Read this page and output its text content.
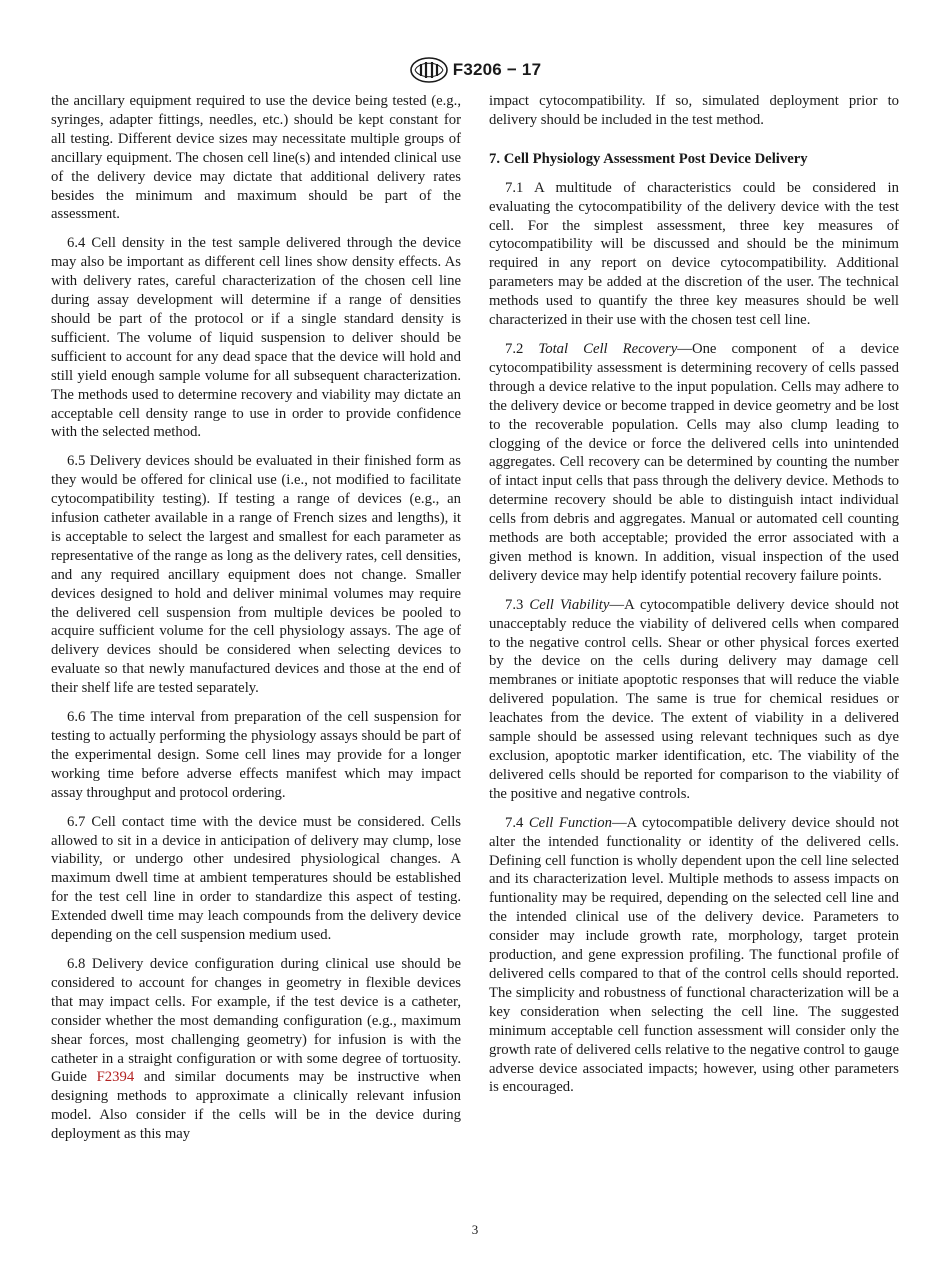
F3206 − 17

the ancillary equipment required to use the device being tested (e.g., syringes, adapter fittings, needles, etc.) should be kept constant for all testing. Different device sizes may necessitate multiple groups of ancillary equipment. The chosen cell line(s) and intended clinical use of the delivery device may dictate that additional delivery rates besides the minimum and maximum should be part of the assessment.

6.4 Cell density in the test sample delivered through the device may also be important as different cell lines show density effects. As with delivery rates, careful characterization of the chosen cell line during assay development will determine if a range of densities should be part of the protocol or if a single standard density is sufficient. The volume of liquid suspension to deliver should be sufficient to account for any dead space that the device will hold and still yield enough sample volume for all subsequent characterization. The methods used to determine recovery and viability may dictate an acceptable cell density range to use in order to provide confidence with the selected method.

6.5 Delivery devices should be evaluated in their finished form as they would be offered for clinical use (i.e., not modified to facilitate cytocompatibility testing). If testing a range of devices (e.g., an infusion catheter available in a range of French sizes and lengths), it is acceptable to select the largest and smallest for each parameter as representative of the range as long as the delivery rates, cell densities, and any required ancillary equipment does not change. Smaller devices designed to hold and deliver minimal volumes may require the delivered cell suspension from multiple devices be pooled to acquire sufficient volume for the cell physiology assays. The age of delivery devices should be considered when selecting devices to evaluate so that newly manufactured devices and those at the end of their shelf life are tested separately.

6.6 The time interval from preparation of the cell suspension for testing to actually performing the physiology assays should be part of the experimental design. Some cell lines may provide for a longer working time before adverse effects manifest which may impact assay throughput and protocol ordering.

6.7 Cell contact time with the device must be considered. Cells allowed to sit in a device in anticipation of delivery may clump, lose viability, or undergo other undesired physiological changes. A maximum dwell time at ambient temperatures should be established for the test cell line in order to standardize this aspect of testing. Extended dwell time may leach compounds from the delivery device depending on the cell suspension medium used.

6.8 Delivery device configuration during clinical use should be considered to account for changes in geometry in flexible devices that may impact cells. For example, if the test device is a catheter, consider whether the most demanding configuration (e.g., maximum shear forces, most challenging geometry) for infusion is with the catheter in a straight configuration or with some degree of tortuosity. Guide F2394 and similar documents may be instructive when designing methods to approximate a clinically relevant infusion model. Also consider if the cells will be in the device during deployment as this may

impact cytocompatibility. If so, simulated deployment prior to delivery should be included in the test method.

7. Cell Physiology Assessment Post Device Delivery

7.1 A multitude of characteristics could be considered in evaluating the cytocompatibility of the delivery device with the test cell. For the simplest assessment, three key measures of cytocompatibility will be discussed and should be the minimum required in any report on device cytocompatibility. Additional parameters may be added at the discretion of the user. The technical methods used to quantify the three key measures should be well characterized in their use with the chosen test cell line.

7.2 Total Cell Recovery—One component of a device cytocompatibility assessment is determining recovery of cells passed through a device relative to the input population. Cells may adhere to the delivery device or become trapped in device geometry and be lost to the recoverable population. Cells may also clump leading to clogging of the device or force the delivered cells into unintended aggregates. Cell recovery can be determined by counting the number of intact input cells that pass through the delivery device. Methods to determine recovery should be able to distinguish intact individual cells from debris and aggregates. Manual or automated cell counting methods are both acceptable; provided the error associated with a given method is known. In addition, visual inspection of the used delivery device may help identify potential recovery failure points.

7.3 Cell Viability—A cytocompatible delivery device should not unacceptably reduce the viability of delivered cells when compared to the negative control cells. Shear or other physical forces exerted by the device on the cells during delivery may damage cell membranes or initiate apoptotic responses that will reduce the viable delivered population. The same is true for chemical residues or leachates from the device. The extent of viability in a delivered sample should be assessed using relevant techniques such as dye exclusion, apoptotic marker identification, etc. The viability of the delivered cells should be reported for comparison to the viability of the positive and negative controls.

7.4 Cell Function—A cytocompatible delivery device should not alter the intended functionality or identity of the delivered cells. Defining cell function is wholly dependent upon the cell line selected and its characterization level. Multiple methods to assess impacts on funtionality may be required, depending on the selected cell line and the intended clinical use of the delivery device. Parameters to consider may include growth rate, morphology, target protein production, and gene expression profiling. The functional profile of delivered cells compared to that of the control cells should reported. The simplicity and robustness of functional characterization will be a key consideration when selecting the cell line. The suggested minimum acceptable cell function assessment will consider only the growth rate of delivered cells relative to the negative control to gauge adverse device associated impacts; however, using other parameters is encouraged.

3
